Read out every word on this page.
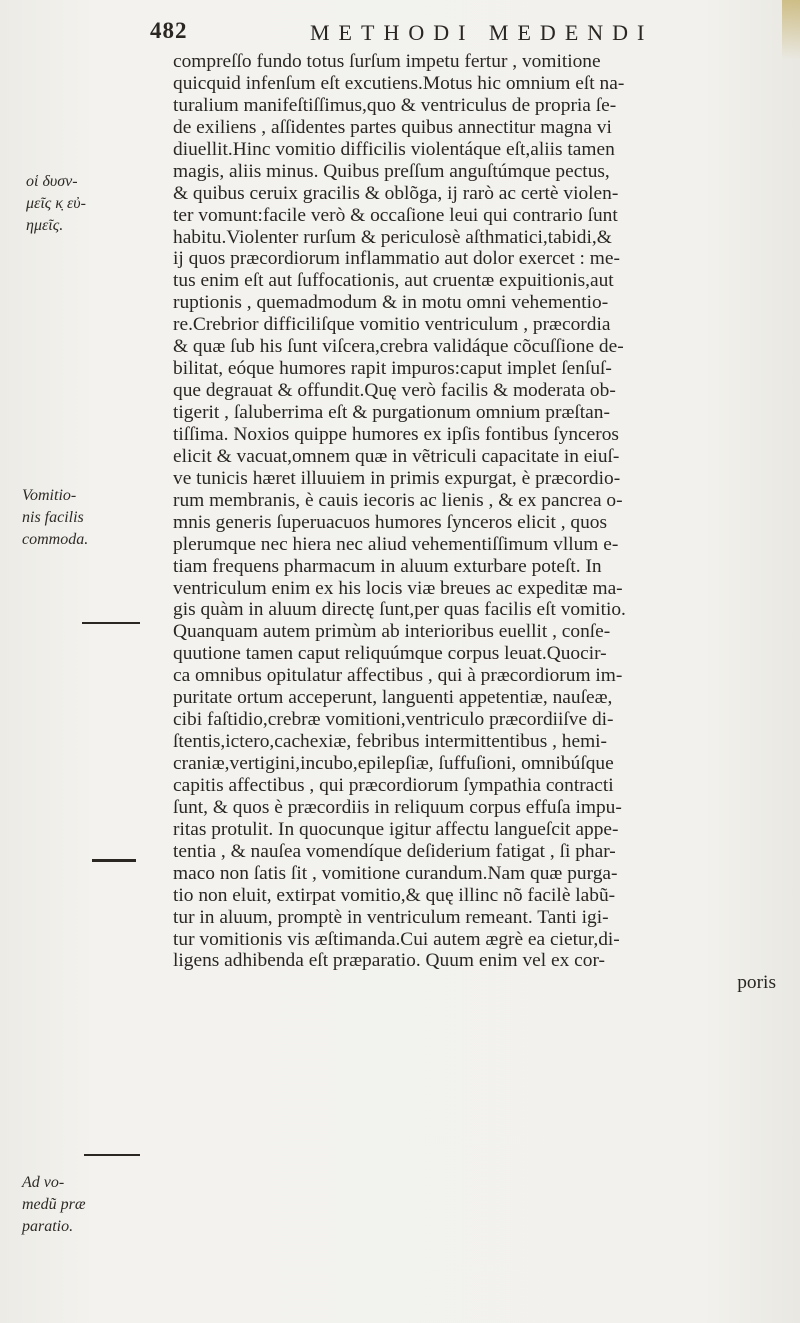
482	METHODI MEDENDI
οἱ δυσν-
μεῖς κ̣ εὐ-
ημεῖς.
Vomitio-
nis facilis
commoda.
Ad vo-
medũ præ
paratio.
compreſſo fundo totus ſurſum impetu fertur , vomitione
quicquid infenſum eſt excutiens.Motus hic omnium eſt na-
turalium manifeſtiſſimus,quo & ventriculus de propria ſe-
de exiliens , aſſidentes partes quibus annectitur magna vi
diuellit.Hinc vomitio difficilis violentáque eſt,aliis tamen
magis, aliis minus. Quibus preſſum anguſtúmque pectus,
& quibus ceruix gracilis & oblõga, ij rarò ac certè violen-
ter vomunt:facile verò & occaſione leui qui contrario ſunt
habitu.Violenter rurſum & periculosè aſthmatici,tabidi,&
ij quos præcordiorum inflammatio aut dolor exercet : me-
tus enim eſt aut ſuffocationis, aut cruentæ expuitionis,aut
ruptionis , quemadmodum & in motu omni vehementio-
re.Crebrior difficiliſque vomitio ventriculum , præcordia
& quæ ſub his ſunt viſcera,crebra validáque cõcuſſione de-
bilitat, eóque humores rapit impuros:caput implet ſenſuſ-
que degrauat & offundit.Quę verò facilis & moderata ob-
tigerit , ſaluberrima eſt & purgationum omnium præſtan-
tiſſima. Noxios quippe humores ex ipſis fontibus ſynceros
elicit & vacuat,omnem quæ in vẽtriculi capacitate in eiuſ-
ve tunicis hæret illuuiem in primis expurgat, è præcordio-
rum membranis, è cauis iecoris ac lienis , & ex pancrea o-
mnis generis ſuperuacuos humores ſynceros elicit , quos
plerumque nec hiera nec aliud vehementiſſimum vllum e-
tiam frequens pharmacum in aluum exturbare poteſt. In
ventriculum enim ex his locis viæ breues ac expeditæ ma-
gis quàm in aluum directę ſunt,per quas facilis eſt vomitio.
Quanquam autem primùm ab interioribus euellit , conſe-
quutione tamen caput reliquúmque corpus leuat.Quocir-
ca omnibus opitulatur affectibus , qui à præcordiorum im-
puritate ortum acceperunt, languenti appetentiæ, nauſeæ,
cibi faſtidio,crebræ vomitioni,ventriculo præcordiiſve di-
ſtentis,ictero,cachexiæ, febribus intermittentibus , hemi-
craniæ,vertigini,incubo,epilepſiæ, ſuffuſioni, omnibúſque
capitis affectibus , qui præcordiorum ſympathia contracti
ſunt, & quos è præcordiis in reliquum corpus effuſa impu-
ritas protulit. In quocunque igitur affectu langueſcit appe-
tentia , & nauſea vomendíque deſiderium fatigat , ſi phar-
maco non ſatis ſit , vomitione curandum.Nam quæ purga-
tio non eluit, extirpat vomitio,& quę illinc nõ facilè labũ-
tur in aluum, promptè in ventriculum remeant. Tanti igi-
tur vomitionis vis æſtimanda.Cui autem ægrè ea cietur,di-
ligens adhibenda eſt præparatio. Quum enim vel ex cor-
poris
